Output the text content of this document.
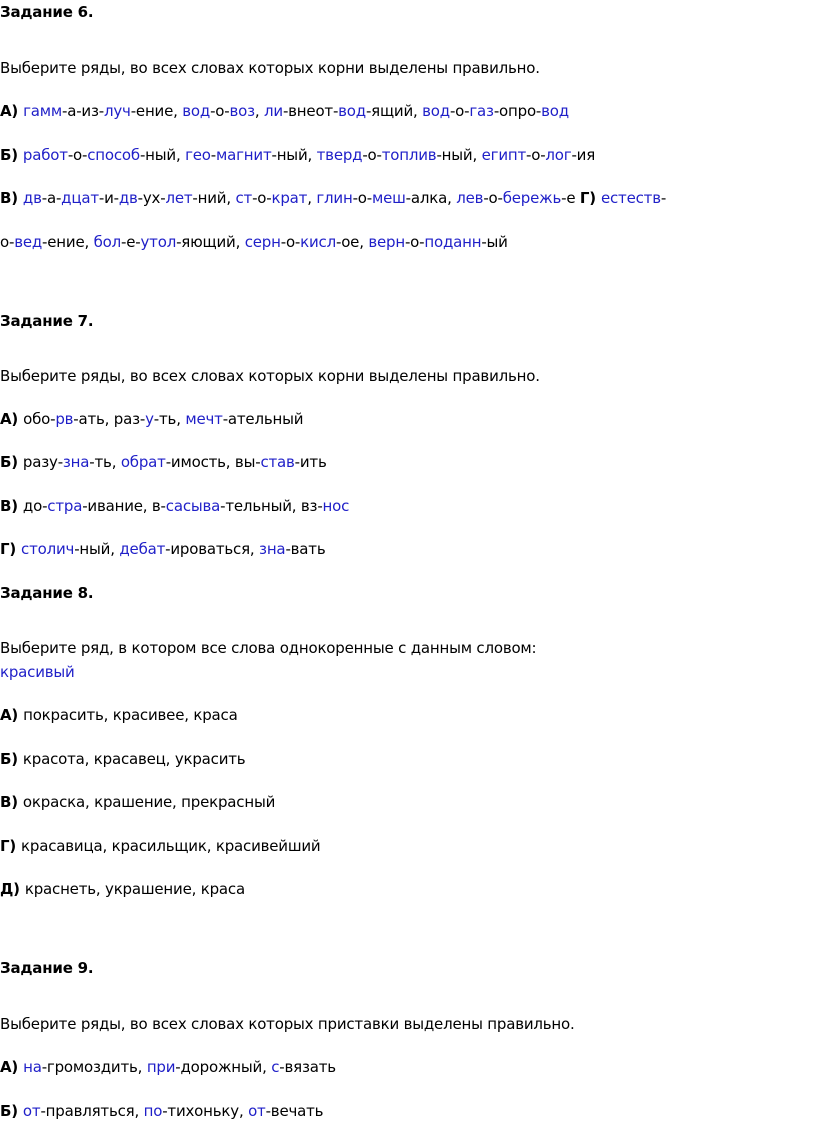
Задание 6.
Выберите ряды, во всех словах которых корни выделены правильно.
А) гамм-а-из-луч-ение, вод-о-воз, ли-внеот-вод-ящий, вод-о-газ-опро-вод
Б) работ-о-способ-ный, гео-магнит-ный, тверд-о-топлив-ный, египт-о-лог-ия
В) дв-а-дцат-и-дв-ух-лет-ний, ст-о-крат, глин-о-меш-алка, лев-о-бережь-е Г) естеств-
о-вед-ение, бол-е-утол-яющий, серн-о-кисл-ое, верн-о-поданн-ый
Задание 7.
Выберите ряды, во всех словах которых корни выделены правильно.
А) обо-рв-ать, раз-у-ть, мечт-ательный
Б) разу-зна-ть, обрат-имость, вы-став-ить
В) до-стра-ивание, в-сасыва-тельный, вз-нос
Г) столич-ный, дебат-ироваться, зна-вать
Задание 8.
Выберите ряд, в котором все слова однокоренные с данным словом:
красивый
А) покрасить, красивее, краса
Б) красота, красавец, украсить
В) окраска, крашение, прекрасный
Г) красавица, красильщик, красивейший
Д) краснеть, украшение, краса
Задание 9.
Выберите ряды, во всех словах которых приставки выделены правильно.
А) на-громоздить, при-дорожный, с-вязать
Б) от-правляться, по-тихоньку, от-вечать
